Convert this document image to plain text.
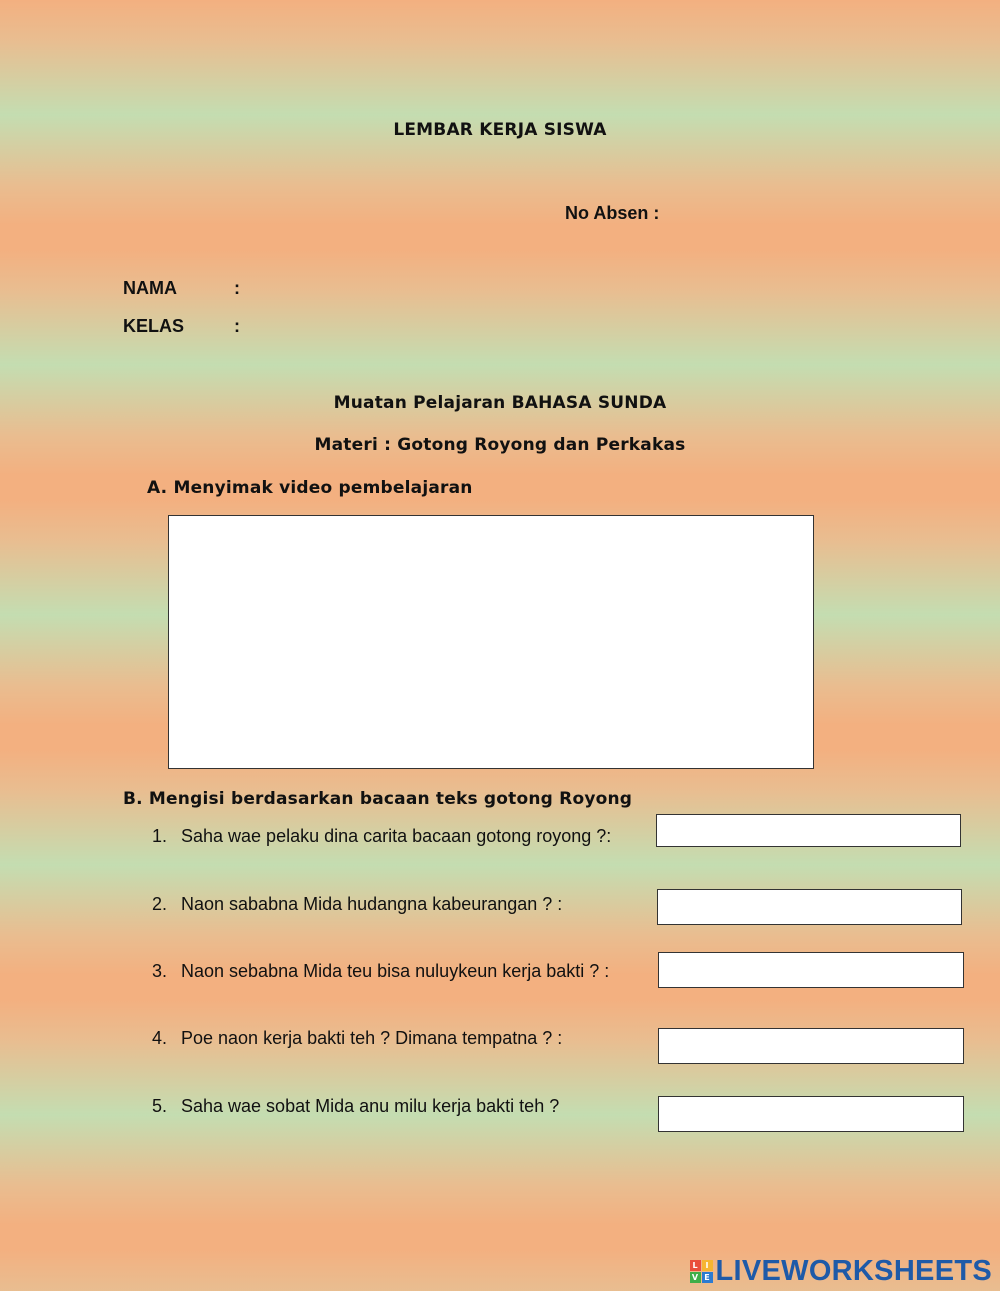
LEMBAR KERJA SISWA
No Absen :
NAMA	:
KELAS	:
Muatan Pelajaran BAHASA SUNDA
Materi : Gotong Royong dan Perkakas
A. Menyimak video pembelajaran
B. Mengisi berdasarkan bacaan teks gotong Royong
1. Saha wae pelaku dina carita bacaan gotong royong ?:
2. Naon sababna Mida hudangna kabeurangan ? :
3. Naon sebabna Mida teu bisa nuluykeun kerja bakti ? :
4. Poe naon kerja bakti teh ? Dimana tempatna ? :
5. Saha wae sobat Mida anu milu kerja bakti teh ?
L I
V E LIVEWORKSHEETS
